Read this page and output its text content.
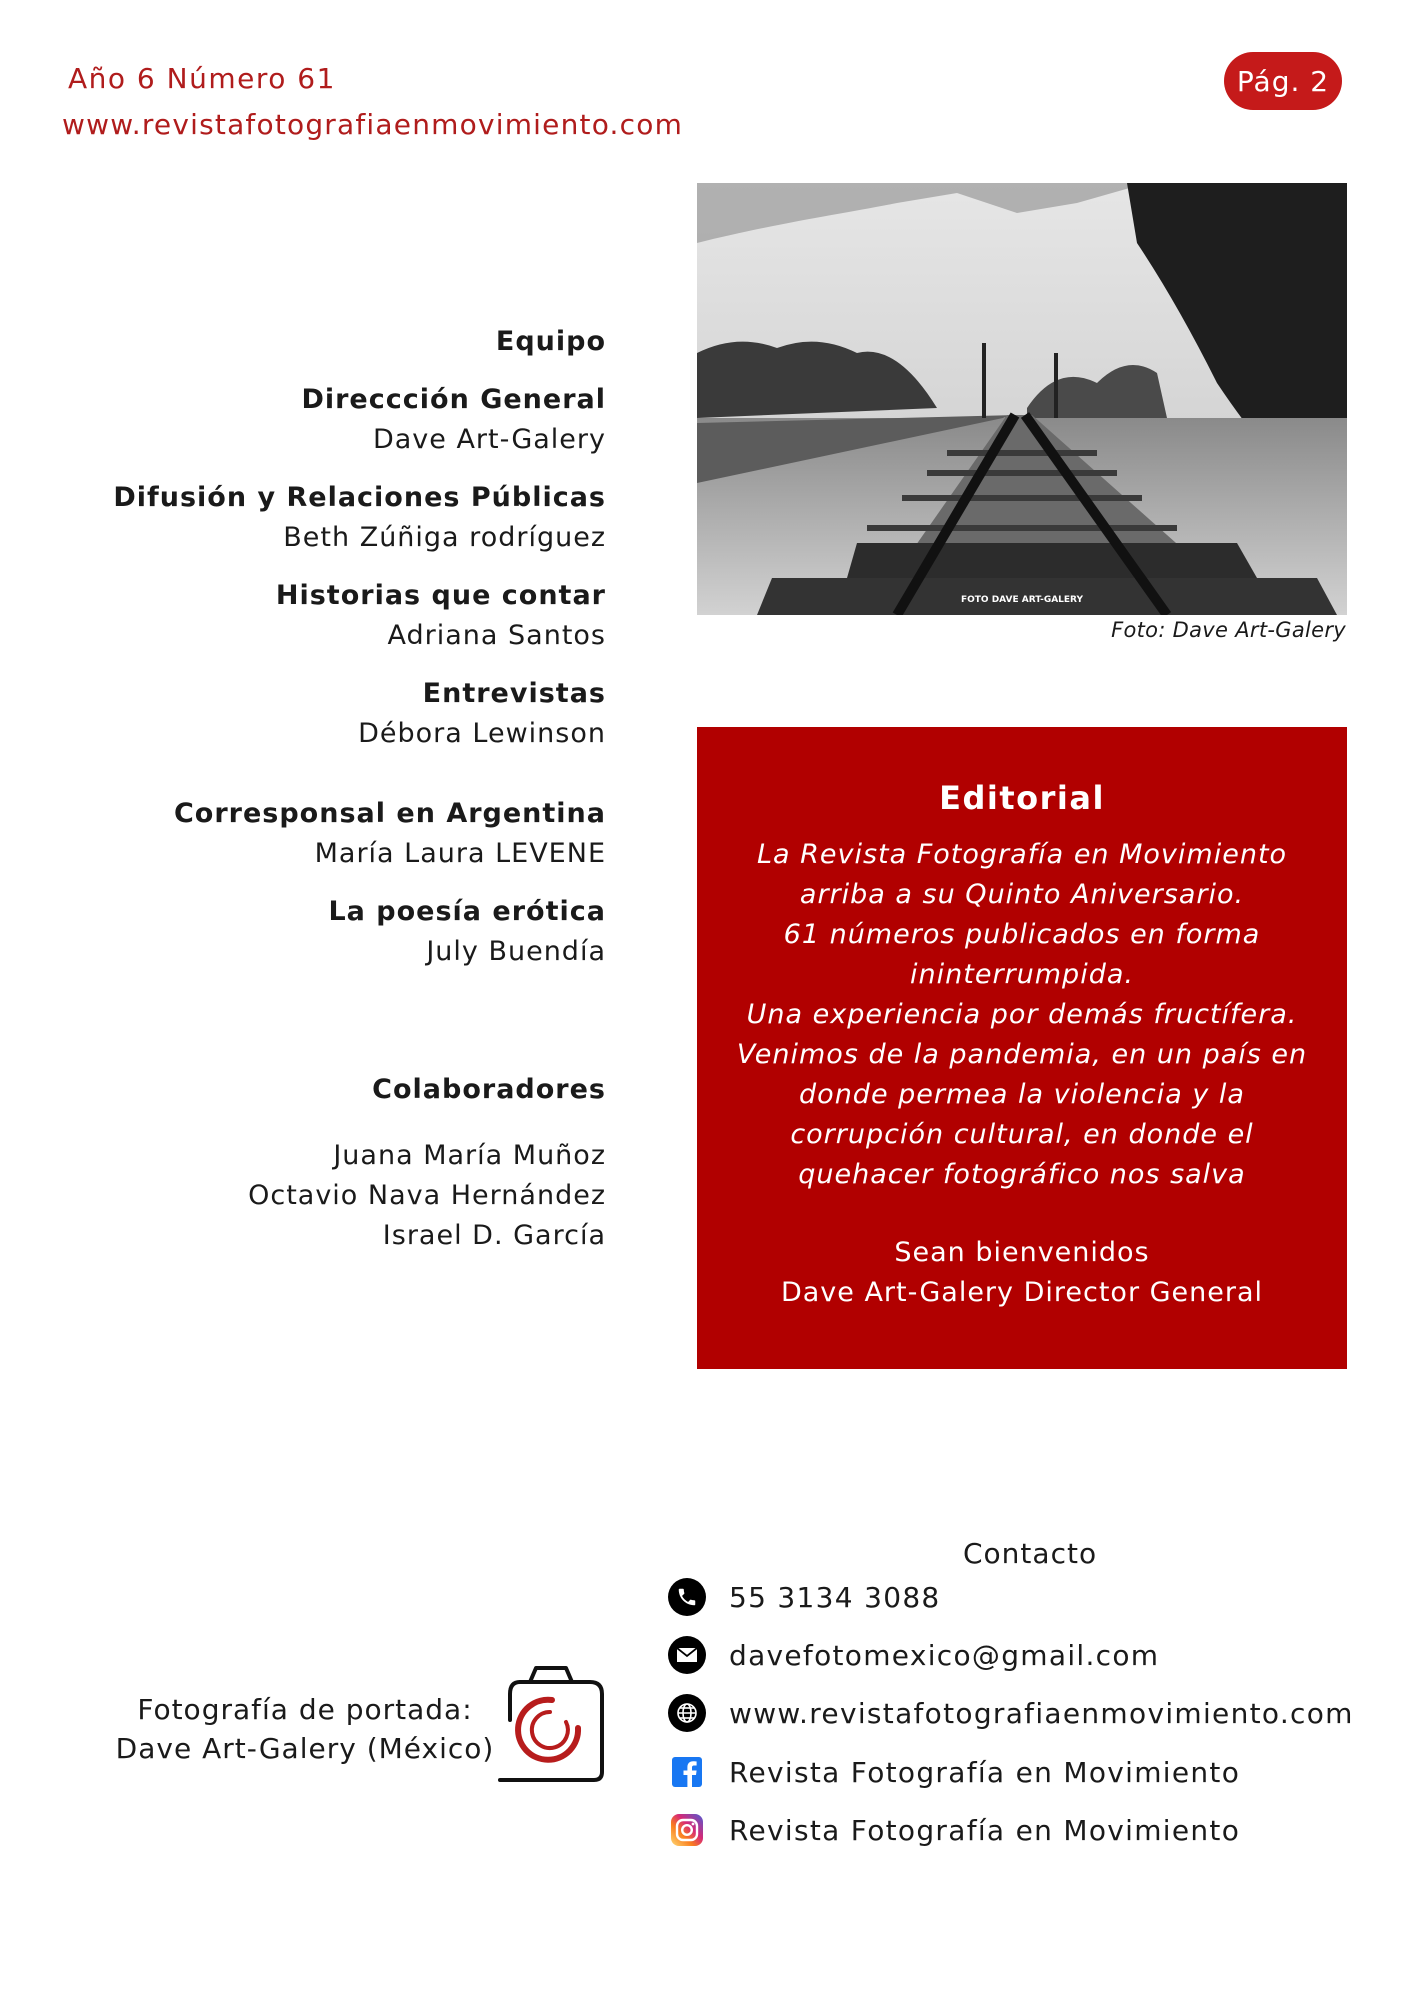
Año 6 Número 61
www.revistafotografiaenmovimiento.com
Pág. 2

Equipo

Direccción General

Dave Art-Galery

Difusión y Relaciones Públicas

Beth Zúñiga rodríguez

Historias que contar

Adriana Santos

Entrevistas

Débora Lewinson

Corresponsal en Argentina

María Laura LEVENE

La poesía erótica

July Buendía

Colaboradores

Juana María Muñoz

Octavio Nava Hernández

Israel D. García

FOTO DAVE ART-GALERY
Foto: Dave Art-Galery
Editorial
La Revista Fotografía en Movimiento
arriba a su Quinto Aniversario.
61 números publicados en forma
ininterrumpida.
Una experiencia por demás fructífera.
Venimos de la pandemia, en un país en
donde permea la violencia y la
corrupción cultural, en donde el
quehacer fotográfico nos salva
Sean bienvenidos
Dave Art-Galery Director General
Contacto
55 3134 3088
davefotomexico@gmail.com
www.revistafotografiaenmovimiento.com
Revista Fotografía en Movimiento
Revista Fotografía en Movimiento
Fotografía de portada:
Dave Art-Galery (México)
